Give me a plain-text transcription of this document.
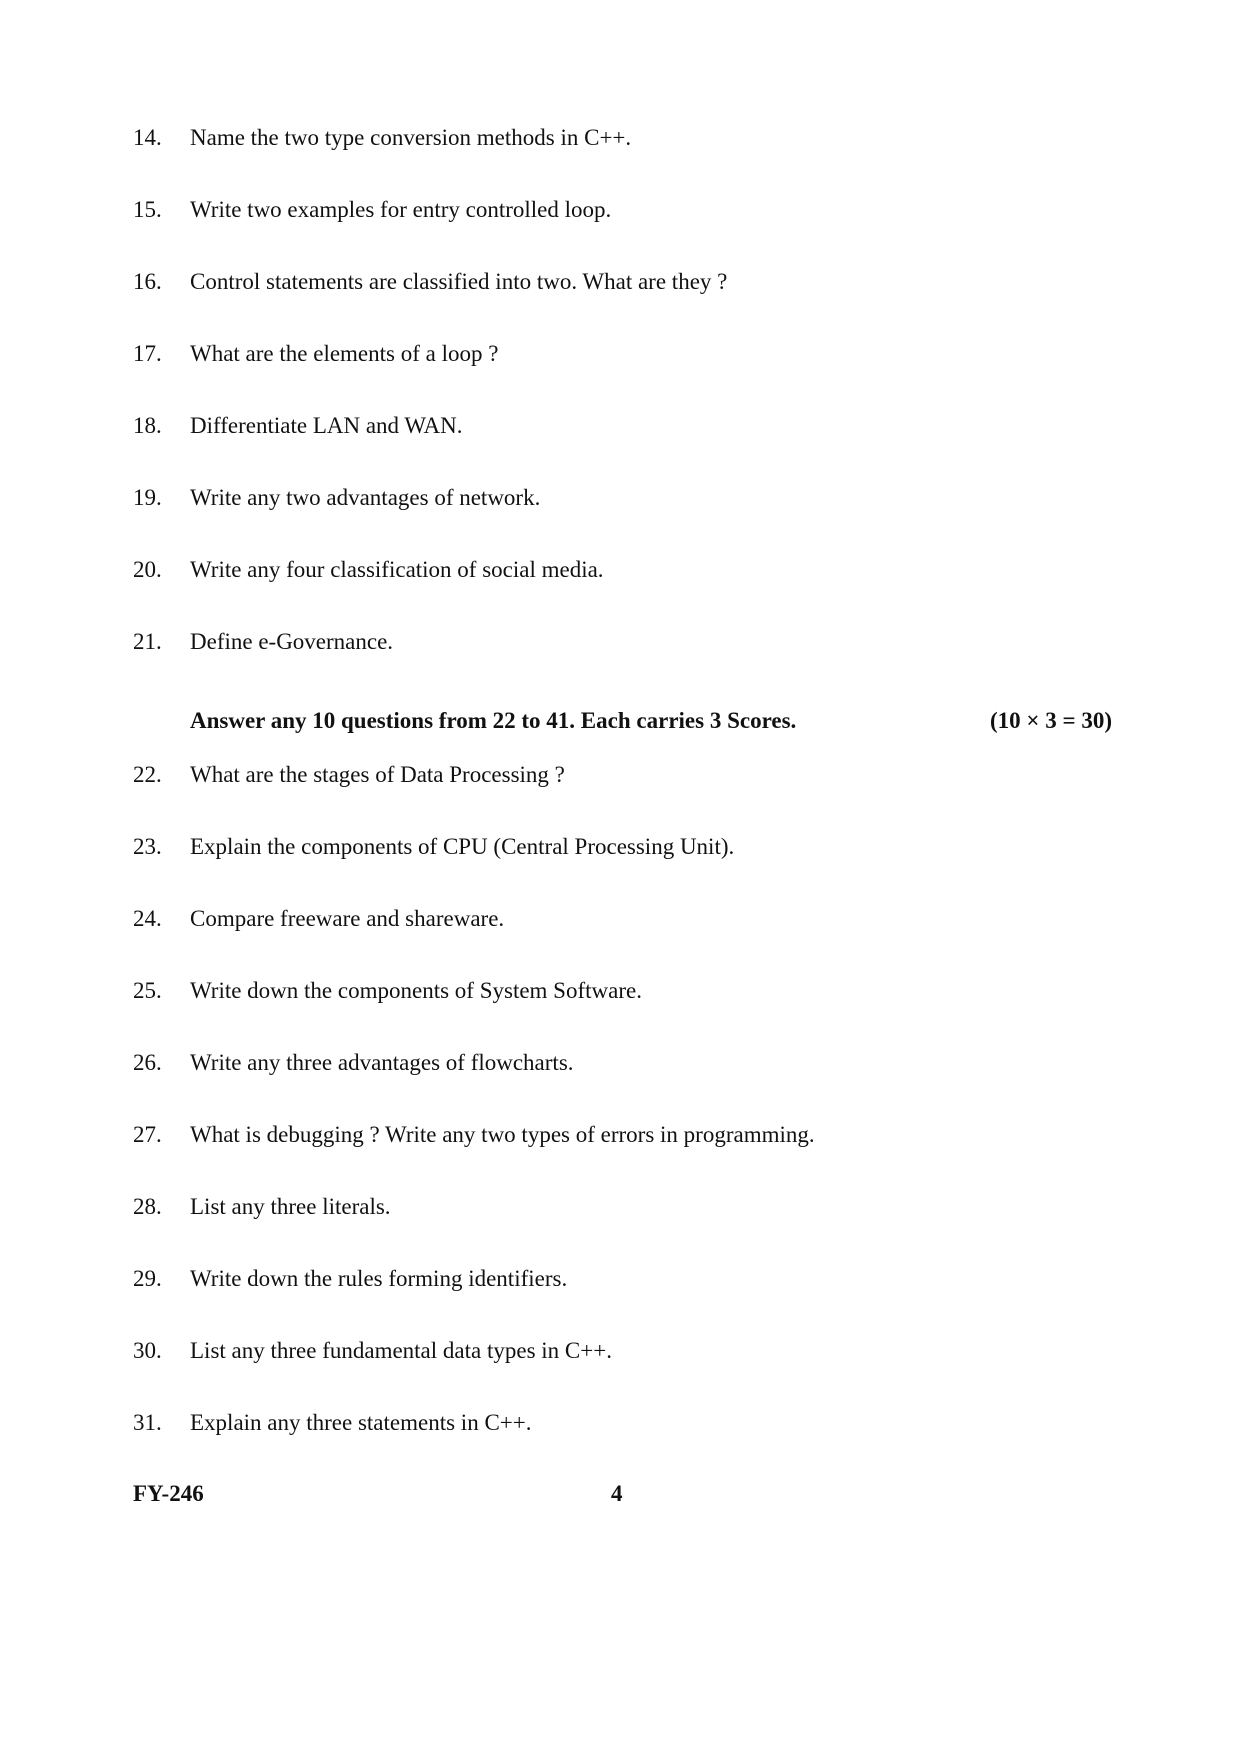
14. Name the two type conversion methods in C++.
15. Write two examples for entry controlled loop.
16. Control statements are classified into two. What are they ?
17. What are the elements of a loop ?
18. Differentiate LAN and WAN.
19. Write any two advantages of network.
20. Write any four classification of social media.
21. Define e-Governance.
Answer any 10 questions from 22 to 41. Each carries 3 Scores.	(10 × 3 = 30)
22. What are the stages of Data Processing ?
23. Explain the components of CPU (Central Processing Unit).
24. Compare freeware and shareware.
25. Write down the components of System Software.
26. Write any three advantages of flowcharts.
27. What is debugging ? Write any two types of errors in programming.
28. List any three literals.
29. Write down the rules forming identifiers.
30. List any three fundamental data types in C++.
31. Explain any three statements in C++.
FY-246	4
